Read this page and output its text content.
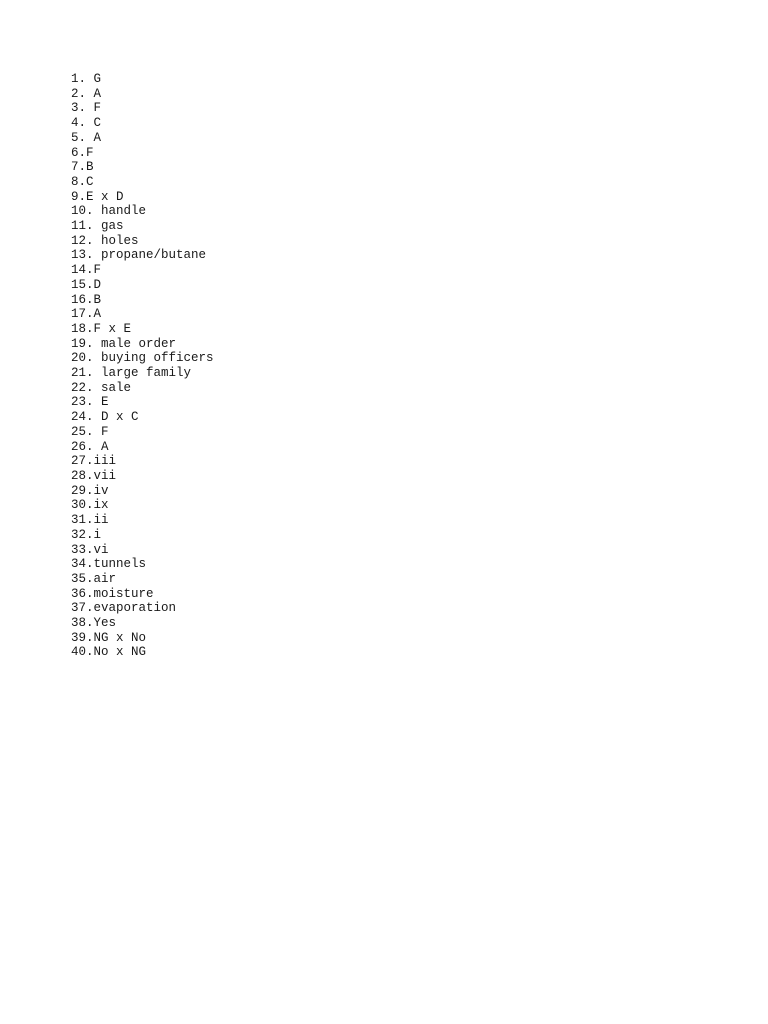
1. G
2. A
3. F
4. C
5. A
6.F
7.B
8.C
9.E x D
10. handle
11. gas
12. holes
13. propane/butane
14.F
15.D
16.B
17.A
18.F x E
19. male order
20. buying officers
21. large family
22. sale
23. E
24. D x C
25. F
26. A
27.iii
28.vii
29.iv
30.ix
31.ii
32.i
33.vi
34.tunnels
35.air
36.moisture
37.evaporation
38.Yes
39.NG x No
40.No x NG
